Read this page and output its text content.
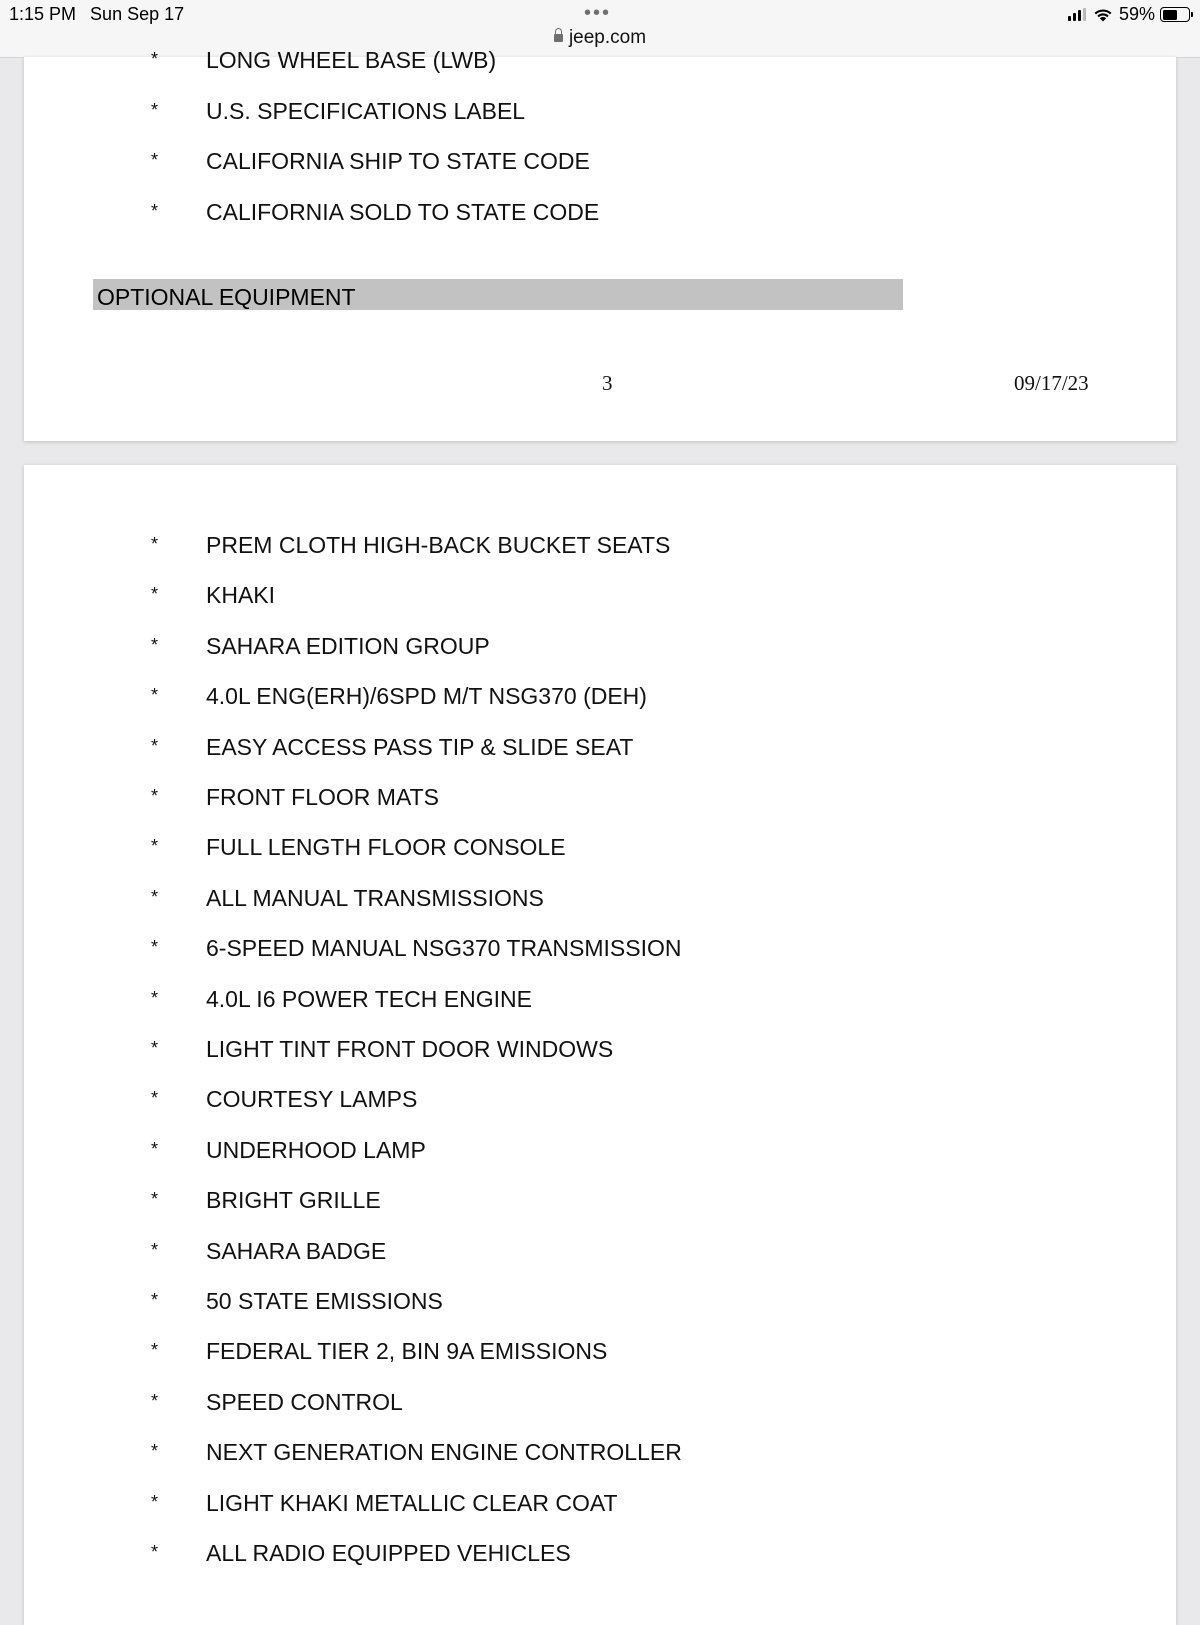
1:15 PM Sun Sep 17	•••
jeep.com
59%
OPTIONAL EQUIPMENT
3	09/17/23
* LONG WHEEL BASE (LWB)
* U.S. SPECIFICATIONS LABEL
* CALIFORNIA SHIP TO STATE CODE
* CALIFORNIA SOLD TO STATE CODE
* PREM CLOTH HIGH-BACK BUCKET SEATS
* KHAKI
* SAHARA EDITION GROUP
* 4.0L ENG(ERH)/6SPD M/T NSG370 (DEH)
* EASY ACCESS PASS TIP & SLIDE SEAT
* FRONT FLOOR MATS
* FULL LENGTH FLOOR CONSOLE
* ALL MANUAL TRANSMISSIONS
* 6-SPEED MANUAL NSG370 TRANSMISSION
* 4.0L I6 POWER TECH ENGINE
* LIGHT TINT FRONT DOOR WINDOWS
* COURTESY LAMPS
* UNDERHOOD LAMP
* BRIGHT GRILLE
* SAHARA BADGE
* 50 STATE EMISSIONS
* FEDERAL TIER 2, BIN 9A EMISSIONS
* SPEED CONTROL
* NEXT GENERATION ENGINE CONTROLLER
* LIGHT KHAKI METALLIC CLEAR COAT
* ALL RADIO EQUIPPED VEHICLES
